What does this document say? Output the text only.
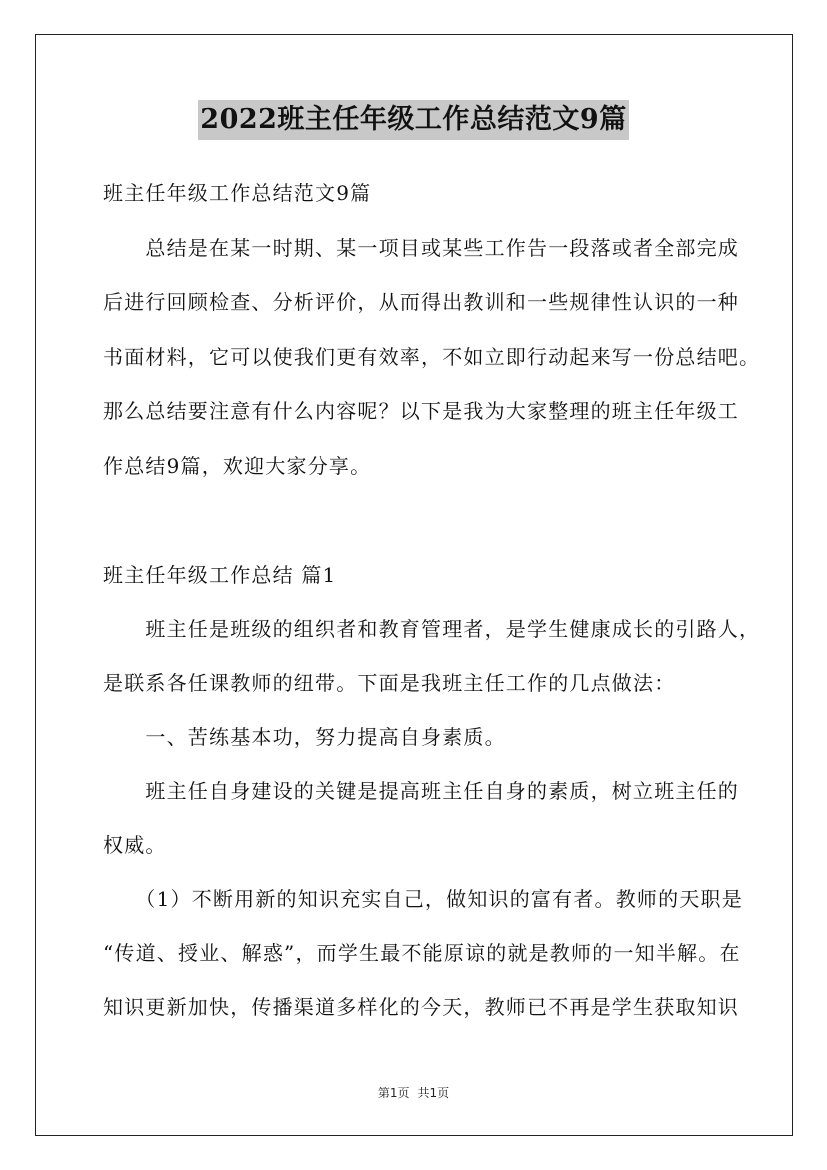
2022班主任年级工作总结范文9篇
班主任年级工作总结范文9篇
　　总结是在某一时期、某一项目或某些工作告一段落或者全部完成
后进行回顾检查、分析评价，从而得出教训和一些规律性认识的一种
书面材料，它可以使我们更有效率，不如立即行动起来写一份总结吧。
那么总结要注意有什么内容呢？以下是我为大家整理的班主任年级工
作总结9篇，欢迎大家分享。
班主任年级工作总结 篇1
　　班主任是班级的组织者和教育管理者，是学生健康成长的引路人，
是联系各任课教师的纽带。下面是我班主任工作的几点做法：
　　一、苦练基本功，努力提高自身素质。
　　班主任自身建设的关键是提高班主任自身的素质，树立班主任的
权威。
　　（1）不断用新的知识充实自己，做知识的富有者。教师的天职是
“传道、授业、解惑”，而学生最不能原谅的就是教师的一知半解。在
知识更新加快，传播渠道多样化的今天，教师已不再是学生获取知识
第1页 共1页
